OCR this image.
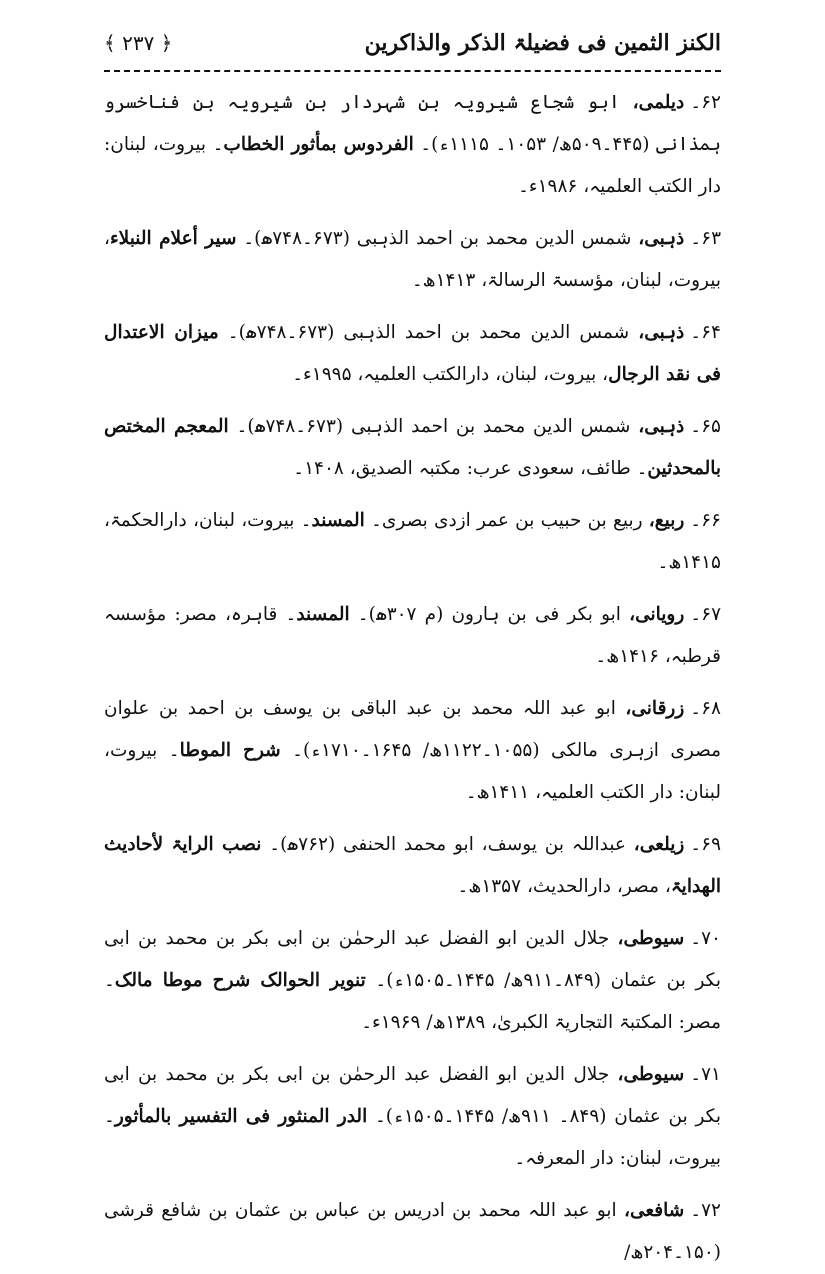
الکنز الثمین فی فضیلۃ الذکر والذاکرین
﴿ ۲۳۷ ﴾

۶۲۔دیلمی، ابو شجاع شیرویہ بن شہردار بن شیرویہ بن فناخسرو ہمذانی (۴۴۵۔۵۰۹ھ/ ۱۰۵۳۔ ۱۱۱۵ء)۔ الفردوس بمأثور الخطاب۔ بیروت، لبنان: دار الکتب العلمیہ، ۱۹۸۶ء۔

۶۳۔ذہبی، شمس الدین محمد بن احمد الذہبی (۶۷۳۔۷۴۸ھ)۔ سیر أعلام النبلاء، بیروت، لبنان، مؤسسۃ الرسالۃ، ۱۴۱۳ھ۔

۶۴۔ذہبی، شمس الدین محمد بن احمد الذہبی (۶۷۳۔۷۴۸ھ)۔ میزان الاعتدال فی نقد الرجال، بیروت، لبنان، دارالکتب العلمیہ، ۱۹۹۵ء۔

۶۵۔ذہبی، شمس الدین محمد بن احمد الذہبی (۶۷۳۔۷۴۸ھ)۔ المعجم المختص بالمحدثین۔ طائف، سعودی عرب: مکتبہ الصدیق، ۱۴۰۸۔

۶۶۔ربیع، ربیع بن حبیب بن عمر ازدی بصری۔ المسند۔ بیروت، لبنان، دارالحکمۃ، ۱۴۱۵ھ۔

۶۷۔رویانی، ابو بکر فی بن ہارون (م ۳۰۷ھ)۔ المسند۔ قاہرہ، مصر: مؤسسہ قرطبہ، ۱۴۱۶ھ۔

۶۸۔زرقانی، ابو عبد اللہ محمد بن عبد الباقی بن یوسف بن احمد بن علوان مصری ازہری مالکی (۱۰۵۵۔۱۱۲۲ھ/ ۱۶۴۵۔۱۷۱۰ء)۔ شرح الموطا۔ بیروت، لبنان: دار الکتب العلمیہ، ۱۴۱۱ھ۔

۶۹۔زیلعی، عبداللہ بن یوسف، ابو محمد الحنفی (۷۶۲ھ)۔ نصب الرایۃ لأحادیث الھدایۃ، مصر، دارالحدیث، ۱۳۵۷ھ۔

۷۰۔سیوطی، جلال الدین ابو الفضل عبد الرحمٰن بن ابی بکر بن محمد بن ابی بکر بن عثمان (۸۴۹۔۹۱۱ھ/ ۱۴۴۵۔۱۵۰۵ء)۔ تنویر الحوالک شرح موطا مالک۔ مصر: المکتبۃ التجاریۃ الکبریٰ، ۱۳۸۹ھ/ ۱۹۶۹ء۔

۷۱۔سیوطی، جلال الدین ابو الفضل عبد الرحمٰن بن ابی بکر بن محمد بن ابی بکر بن عثمان (۸۴۹۔ ۹۱۱ھ/ ۱۴۴۵۔۱۵۰۵ء)۔ الدر المنثور فی التفسیر بالمأثور۔ بیروت، لبنان: دار المعرفہ۔

۷۲۔شافعی، ابو عبد اللہ محمد بن ادریس بن عباس بن عثمان بن شافع قرشی (۱۵۰۔۲۰۴ھ/
